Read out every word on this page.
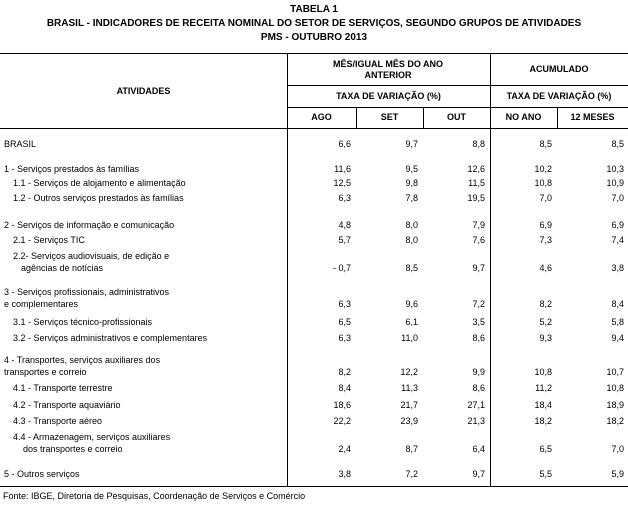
TABELA 1
BRASIL - INDICADORES DE RECEITA NOMINAL DO SETOR DE SERVIÇOS, SEGUNDO GRUPOS DE ATIVIDADES
PMS - OUTUBRO 2013
ATIVIDADES
MÊS/IGUAL MÊS DO ANO ANTERIOR
ACUMULADO
TAXA DE VARIAÇÃO (%)	TAXA DE VARIAÇÃO (%)
AGO	SET	OUT	NO ANO	12 MESES
BRASIL	6,6	9,7	8,8	8,5	8,5
1 - Serviços prestados às famílias	11,6	9,5	12,6	10,2	10,3
1.1 - Serviços de alojamento e alimentação	12,5	9,8	11,5	10,8	10,9
1.2 - Outros serviços prestados às famílias	6,3	7,8	19,5	7,0	7,0
2 - Serviços de informação e comunicação	4,8	8,0	7,9	6,9	6,9
2.1 - Serviços TIC	5,7	8,0	7,6	7,3	7,4
2.2- Serviços audiovisuais, de edição e
agências de notícias	- 0,7	8,5	9,7	4,6	3,8
3 - Serviços profissionais, administrativos
e complementares	6,3	9,6	7,2	8,2	8,4
3.1 - Serviços técnico-profissionais	6,5	6,1	3,5	5,2	5,8
3.2 - Serviços administrativos e complementares	6,3	11,0	8,6	9,3	9,4
4 - Transportes, serviços auxiliares dos
transportes e correio	8,2	12,2	9,9	10,8	10,7
4.1 - Transporte terrestre	8,4	11,3	8,6	11,2	10,8
4.2 - Transporte aquaviário	18,6	21,7	27,1	18,4	18,9
4.3 - Transporte aéreo	22,2	23,9	21,3	18,2	18,2
4.4 - Armazenagem, serviços auxiliares
dos transportes e correio	2,4	8,7	6,4	6,5	7,0
5 - Outros serviços	3,8	7,2	9,7	5,5	5,9
Fonte: IBGE, Diretoria de Pesquisas, Coordenação de Serviços e Comércio
